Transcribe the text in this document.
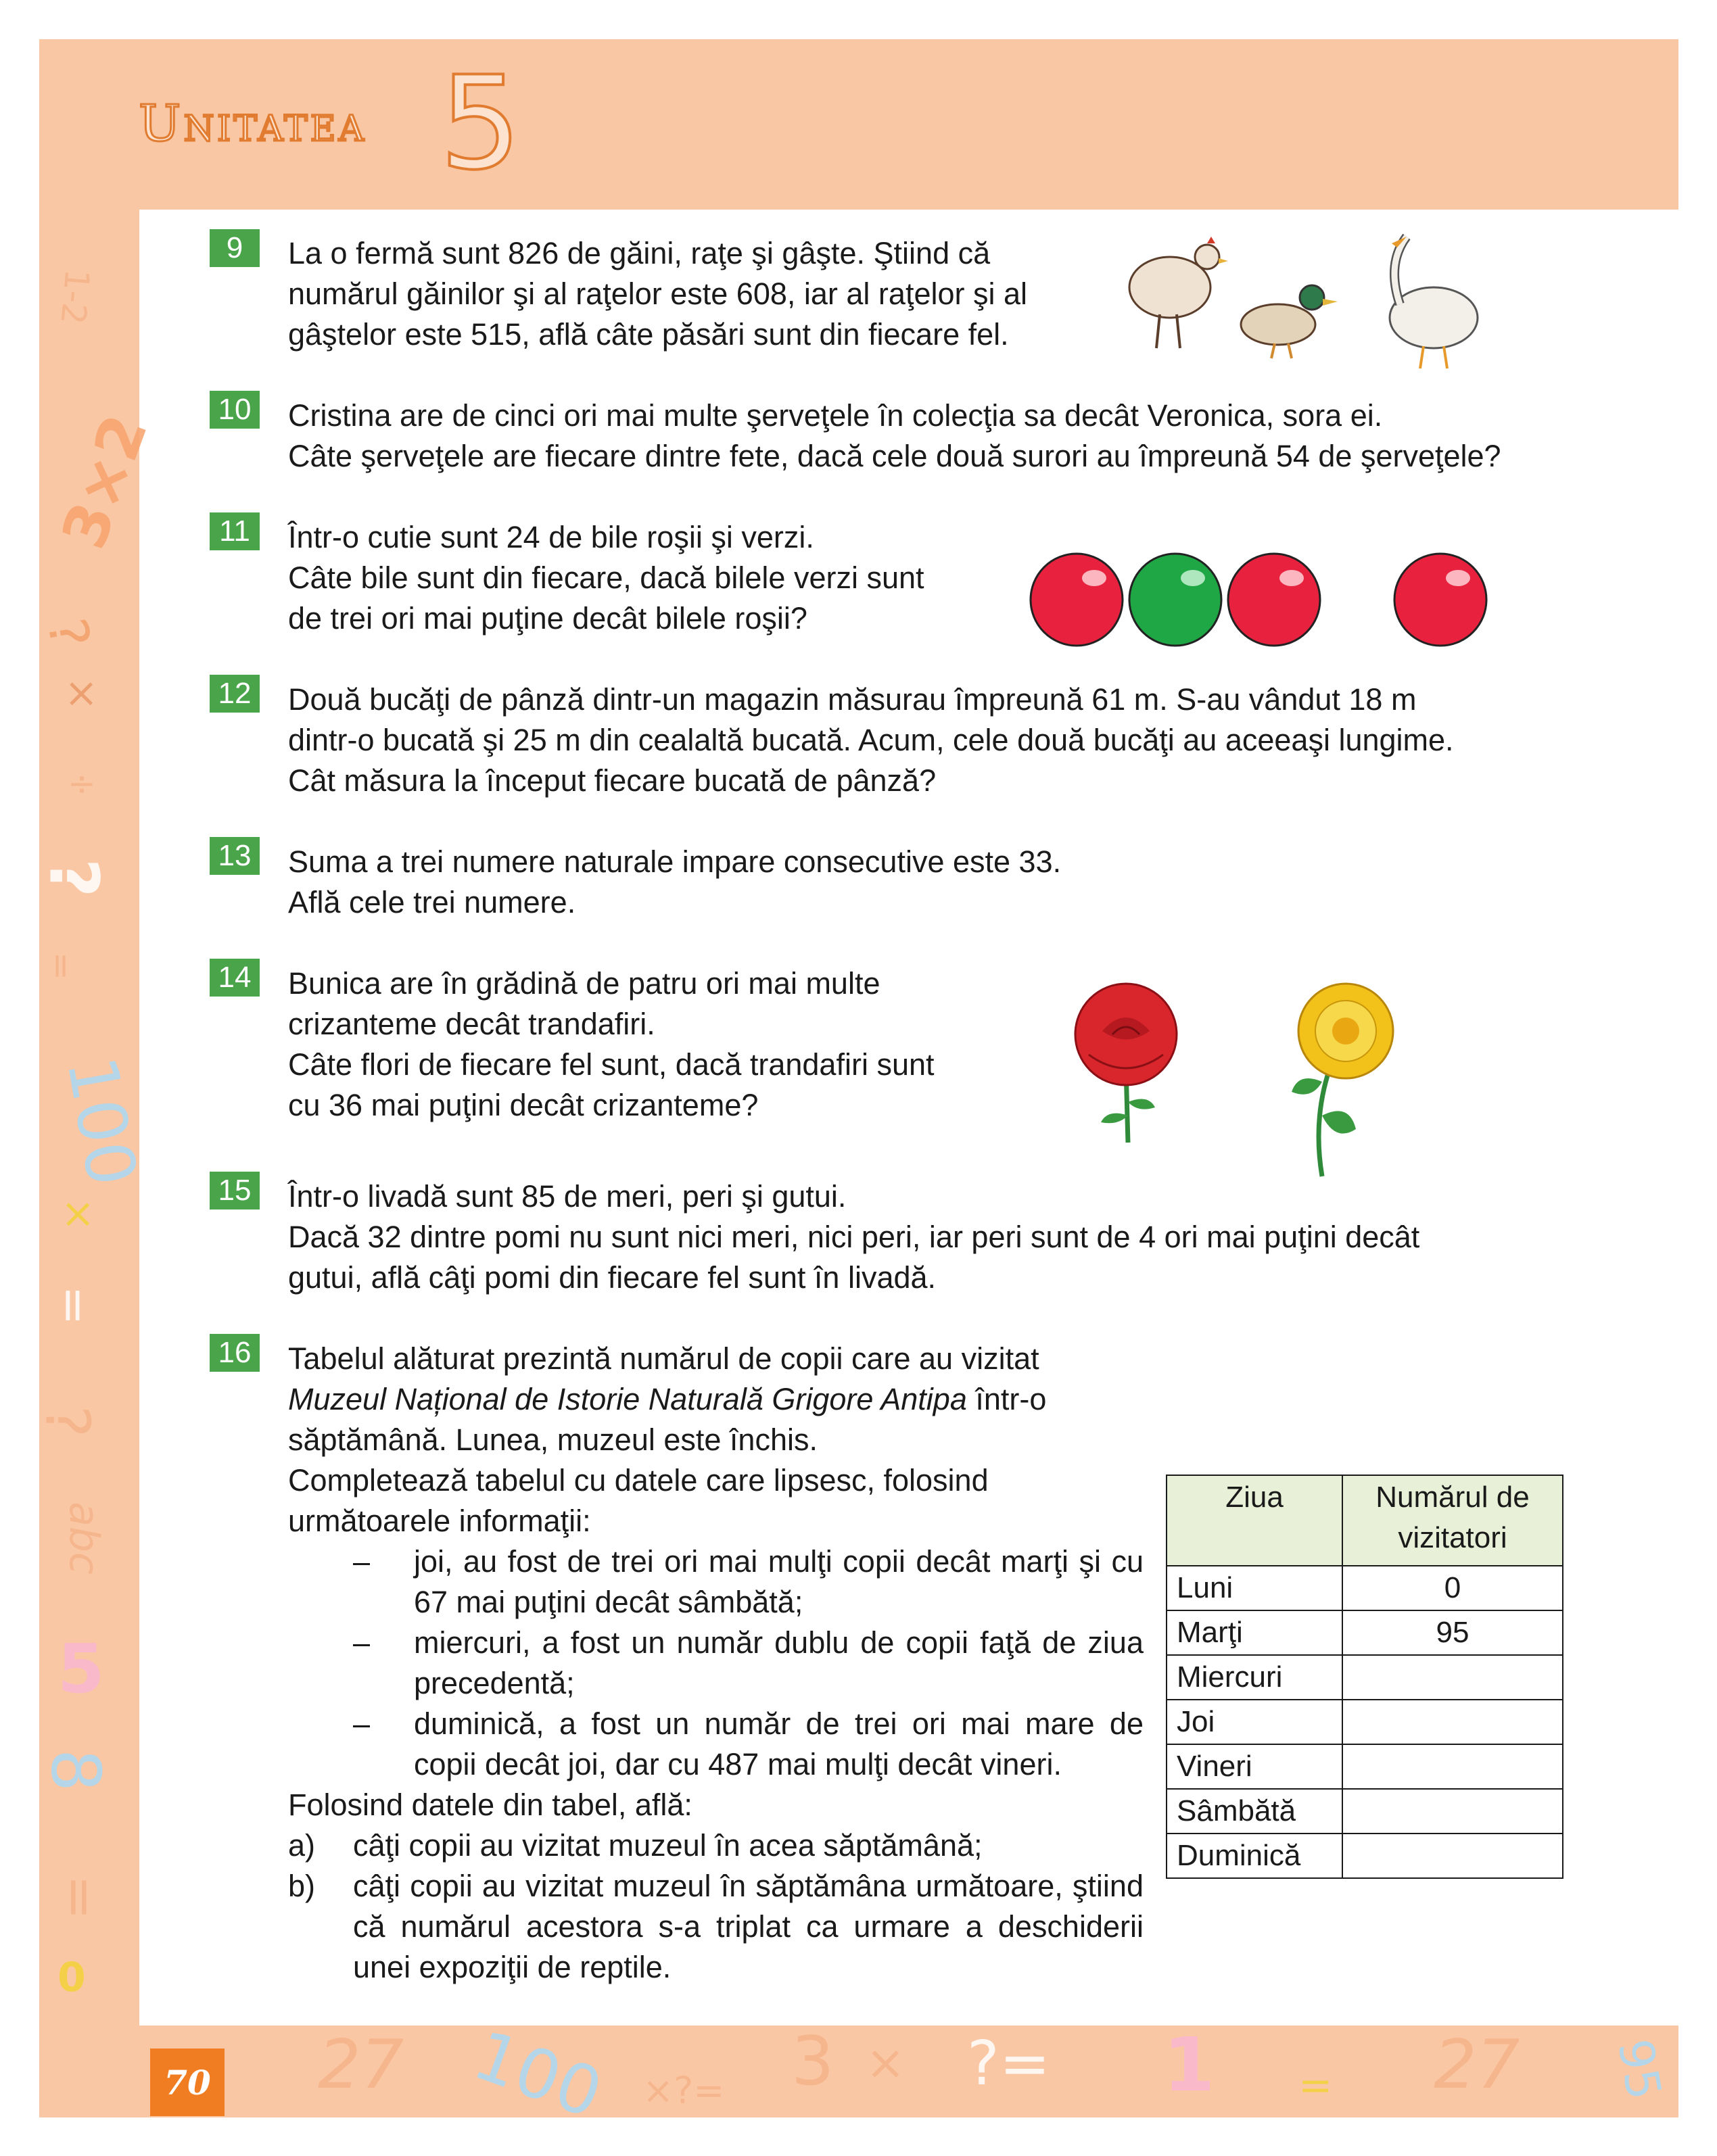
Unitatea 5
1-2
3×2
?
×
÷
?
=
100
×
=
?
abc
5
8
=
0
27 100 ×?= 3 × ?= 1 = 27 95
70
9	La o fermă sunt 826 de găini, raţe şi gâşte. Ştiind că

numărul găinilor şi al raţelor este 608, iar al raţelor şi al

gâştelor este 515, află câte păsări sunt din fiecare fel.

10 Cristina are de cinci ori mai multe şerveţele în colecţia sa decât Veronica, sora ei.

Câte şerveţele are fiecare dintre fete, dacă cele două surori au împreună 54 de şerveţele?

11	Într-o cutie sunt 24 de bile roşii şi verzi.

Câte bile sunt din fiecare, dacă bilele verzi sunt

de trei ori mai puţine decât bilele roşii?

12 Două bucăţi de pânză dintr-un magazin măsurau împreună 61 m. S-au vândut 18 m

dintr-o bucată şi 25 m din cealaltă bucată. Acum, cele două bucăţi au aceeaşi lungime.

Cât măsura la început fiecare bucată de pânză?

13 Suma a trei numere naturale impare consecutive este 33.

Află cele trei numere.

14 Bunica are în grădină de patru ori mai multe

crizanteme decât trandafiri.

Câte flori de fiecare fel sunt, dacă trandafiri sunt

cu 36 mai puţini decât crizanteme?

15 Într-o livadă sunt 85 de meri, peri şi gutui.

Dacă 32 dintre pomi nu sunt nici meri, nici peri, iar peri sunt de 4 ori mai puţini decât

gutui, află câţi pomi din fiecare fel sunt în livadă.

16 Tabelul alăturat prezintă numărul de copii care au vizitat

Muzeul Național de Istorie Naturală Grigore Antipa într-o

săptămână. Lunea, muzeul este închis.

Completează tabelul cu datele care lipsesc, folosind

următoarele informaţii:

–	joi, au fost de trei ori mai mulţi copii decât marţi şi cu 67 mai puţini decât sâmbătă;
–	miercuri, a fost un număr dublu de copii faţă de ziua precedentă;
–	duminică, a fost un număr de trei ori mai mare de copii decât joi, dar cu 487 mai mulţi decât vineri.

Folosind datele din tabel, află:

a)	câţi copii au vizitat muzeul în acea săptămână;
b)	câţi copii au vizitat muzeul în săptămâna următoare, ştiind că numărul acestora s-a triplat ca urmare a deschiderii unei expoziţii de reptile.
Ziua	Numărul de vizitatori
Luni	0
Marţi	95
Miercuri	
Joi	
Vineri	
Sâmbătă	
Duminică	
